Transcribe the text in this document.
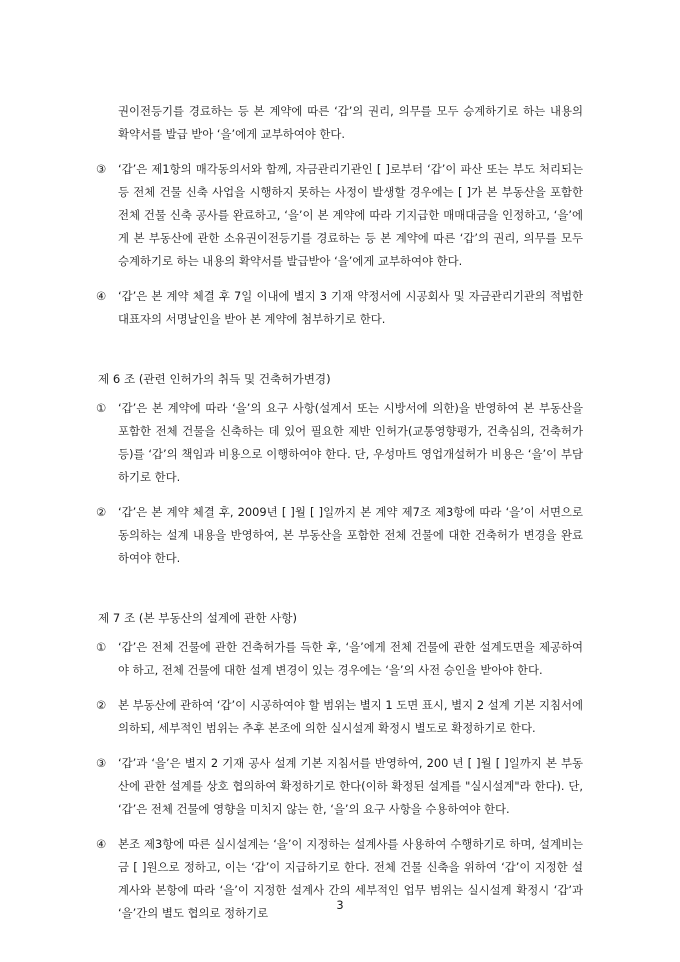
권이전등기를 경료하는 등 본 계약에 따른 ‘갑’의 권리, 의무를 모두 승계하기로 하는 내용의 확약서를 발급 받아 ‘을’에게 교부하여야 한다.

③ ‘갑’은 제1항의 매각동의서와 함께, 자금관리기관인 [ ]로부터 ‘갑’이 파산 또는 부도 처리되는 등 전체 건물 신축 사업을 시행하지 못하는 사정이 발생할 경우에는 [ ]가 본 부동산을 포함한 전체 건물 신축 공사를 완료하고, ‘을’이 본 계약에 따라 기지급한 매매대금을 인정하고, ‘을’에게 본 부동산에 관한 소유권이전등기를 경료하는 등 본 계약에 따른 ‘갑’의 권리, 의무를 모두 승계하기로 하는 내용의 확약서를 발급받아 ‘을’에게 교부하여야 한다.
④ ‘갑’은 본 계약 체결 후 7일 이내에 별지 3 기재 약정서에 시공회사 및 자금관리기관의 적법한 대표자의 서명날인을 받아 본 계약에 첨부하기로 한다.

제 6 조 (관련 인허가의 취득 및 건축허가변경)

① ‘갑’은 본 계약에 따라 ‘을’의 요구 사항(설계서 또는 시방서에 의한)을 반영하여 본 부동산을 포함한 전체 건물을 신축하는 데 있어 필요한 제반 인허가(교통영향평가, 건축심의, 건축허가 등)를 ‘갑’의 책임과 비용으로 이행하여야 한다. 단, 우성마트 영업개설허가 비용은 ‘을’이 부담하기로 한다.
② ‘갑’은 본 계약 체결 후, 2009년 [ ]월 [ ]일까지 본 계약 제7조 제3항에 따라 ‘을’이 서면으로 동의하는 설계 내용을 반영하여, 본 부동산을 포함한 전체 건물에 대한 건축허가 변경을 완료하여야 한다.

제 7 조 (본 부동산의 설계에 관한 사항)

① ‘갑’은 전체 건물에 관한 건축허가를 득한 후, ‘을’에게 전체 건물에 관한 설계도면을 제공하여야 하고, 전체 건물에 대한 설계 변경이 있는 경우에는 ‘을’의 사전 승인을 받아야 한다.
② 본 부동산에 관하여 ‘갑’이 시공하여야 할 범위는 별지 1 도면 표시, 별지 2 설계 기본 지침서에 의하되, 세부적인 범위는 추후 본조에 의한 실시설계 확정시 별도로 확정하기로 한다.
③ ‘갑’과 ‘을’은 별지 2 기재 공사 설계 기본 지침서를 반영하여, 200 년 [ ]월 [ ]일까지 본 부동산에 관한 설계를 상호 협의하여 확정하기로 한다(이하 확정된 설계를 "실시설계"라 한다). 단, ‘갑’은 전체 건물에 영향을 미치지 않는 한, ‘을’의 요구 사항을 수용하여야 한다.
④ 본조 제3항에 따른 실시설계는 ‘을’이 지정하는 설계사를 사용하여 수행하기로 하며, 설계비는 금 [ ]원으로 정하고, 이는 ‘갑’이 지급하기로 한다. 전체 건물 신축을 위하여 ‘갑’이 지정한 설계사와 본항에 따라 ‘을’이 지정한 설계사 간의 세부적인 업무 범위는 실시설계 확정시 ‘갑’과 ‘을’간의 별도 협의로 정하기로
3
